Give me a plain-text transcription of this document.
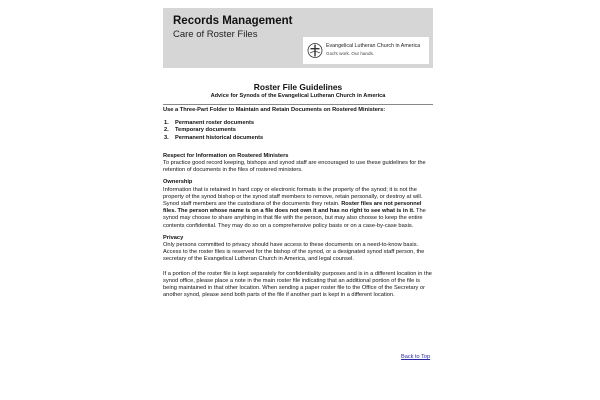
Records Management
Care of Roster Files
Evangelical Lutheran Church in America
God's work. Our hands.
Roster File Guidelines
Advice for Synods of the Evangelical Lutheran Church in America
Use a Three-Part Folder to Maintain and Retain Documents on Rostered Ministers:
1. Permanent roster documents
2. Temporary documents
3. Permanent historical documents
Respect for Information on Rostered Ministers

To practice good record keeping, bishops and synod staff are encouraged to use these guidelines for the retention of documents in the files of rostered ministers.

Ownership

Information that is retained in hard copy or electronic formats is the property of the synod; it is not the property of the synod bishop or the synod staff members to remove, retain personally, or destroy at will. Synod staff members are the custodians of the documents they retain. Roster files are not personnel files. The person whose name is on a file does not own it and has no right to see what is in it. The synod may choose to share anything in that file with the person, but may also choose to keep the entire contents confidential. They may do so on a comprehensive policy basis or on a case-by-case basis.

Privacy

Only persons committed to privacy should have access to these documents on a need-to-know basis. Access to the roster files is reserved for the bishop of the synod, or a designated synod staff person, the secretary of the Evangelical Lutheran Church in America, and legal counsel.

If a portion of the roster file is kept separately for confidentiality purposes and is in a different location in the synod office, please place a note in the main roster file indicating that an additional portion of the file is being maintained in that other location. When sending a paper roster file to the Office of the Secretary or another synod, please send both parts of the file if another part is kept in a different location.

Back to Top
